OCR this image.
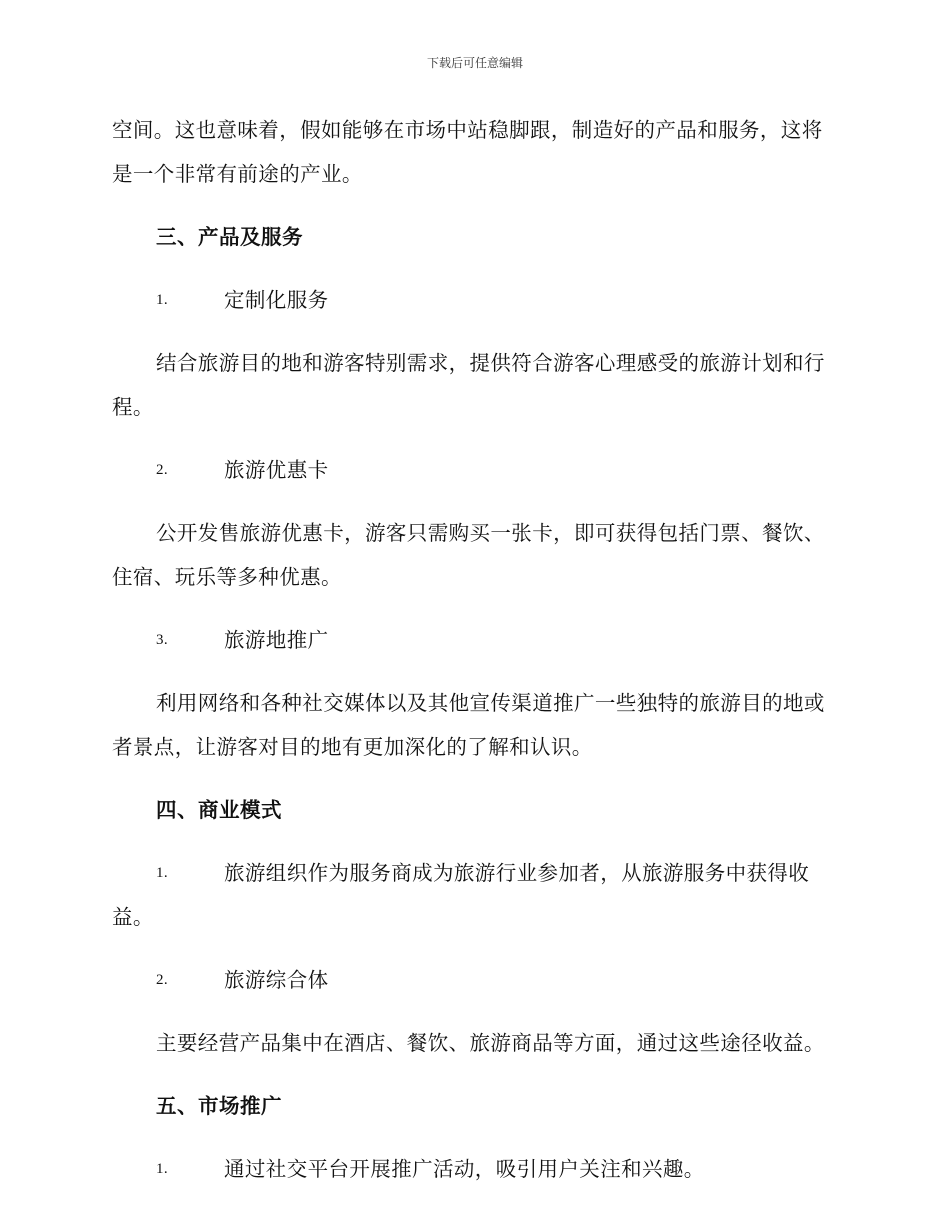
下载后可任意编辑

空间。这也意味着，假如能够在市场中站稳脚跟，制造好的产品和服务，这将是一个非常有前途的产业。

三、产品及服务
1.	定制化服务

结合旅游目的地和游客特别需求，提供符合游客心理感受的旅游计划和行程。

2.	旅游优惠卡

公开发售旅游优惠卡，游客只需购买一张卡，即可获得包括门票、餐饮、住宿、玩乐等多种优惠。

3.	旅游地推广

利用网络和各种社交媒体以及其他宣传渠道推广一些独特的旅游目的地或者景点，让游客对目的地有更加深化的了解和认识。

四、商业模式
1.	旅游组织作为服务商成为旅游行业参加者，从旅游服务中获得收益。
2.	旅游综合体

主要经营产品集中在酒店、餐饮、旅游商品等方面，通过这些途径收益。

五、市场推广
1.	通过社交平台开展推广活动，吸引用户关注和兴趣。
